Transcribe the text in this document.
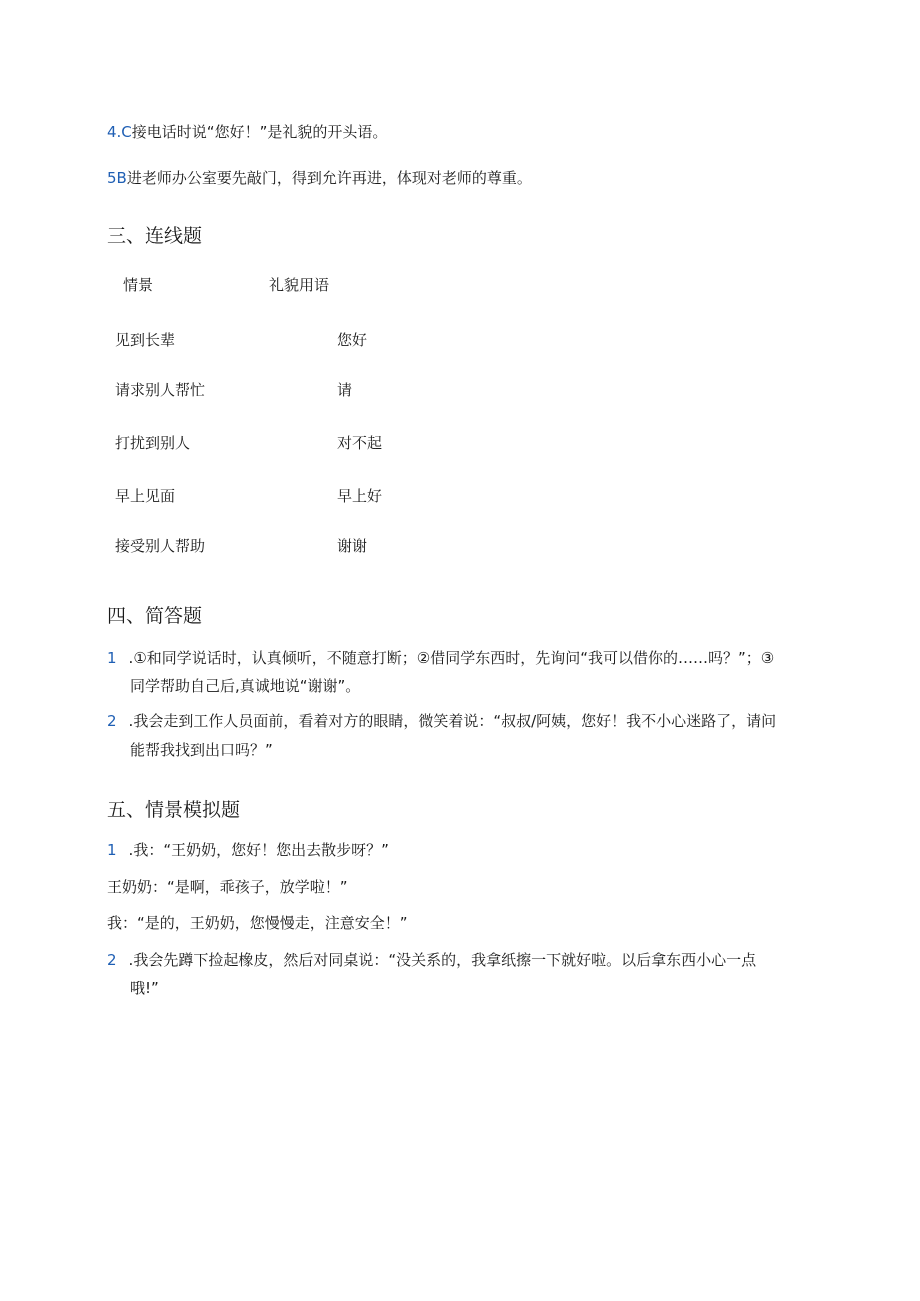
4.C接电话时说“您好！”是礼貌的开头语。
5B进老师办公室要先敲门，得到允许再进，体现对老师的尊重。
三、连线题
情景	礼貌用语
见到长辈	您好
请求别人帮忙	请
打扰到别人	对不起
早上见面	早上好
接受别人帮助	谢谢
四、简答题
1 .①和同学说话时，认真倾听，不随意打断；②借同学东西时，先询问“我可以借你的……吗？”；③
同学帮助自己后,真诚地说“谢谢”。
2 .我会走到工作人员面前，看着对方的眼睛，微笑着说：“叔叔/阿姨，您好！我不小心迷路了，请问
能帮我找到出口吗？”
五、情景模拟题
1 .我：“王奶奶，您好！您出去散步呀？”
王奶奶：“是啊，乖孩子，放学啦！”
我：“是的，王奶奶，您慢慢走，注意安全！”
2 .我会先蹲下捡起橡皮，然后对同桌说：“没关系的，我拿纸擦一下就好啦。以后拿东西小心一点
哦!”
